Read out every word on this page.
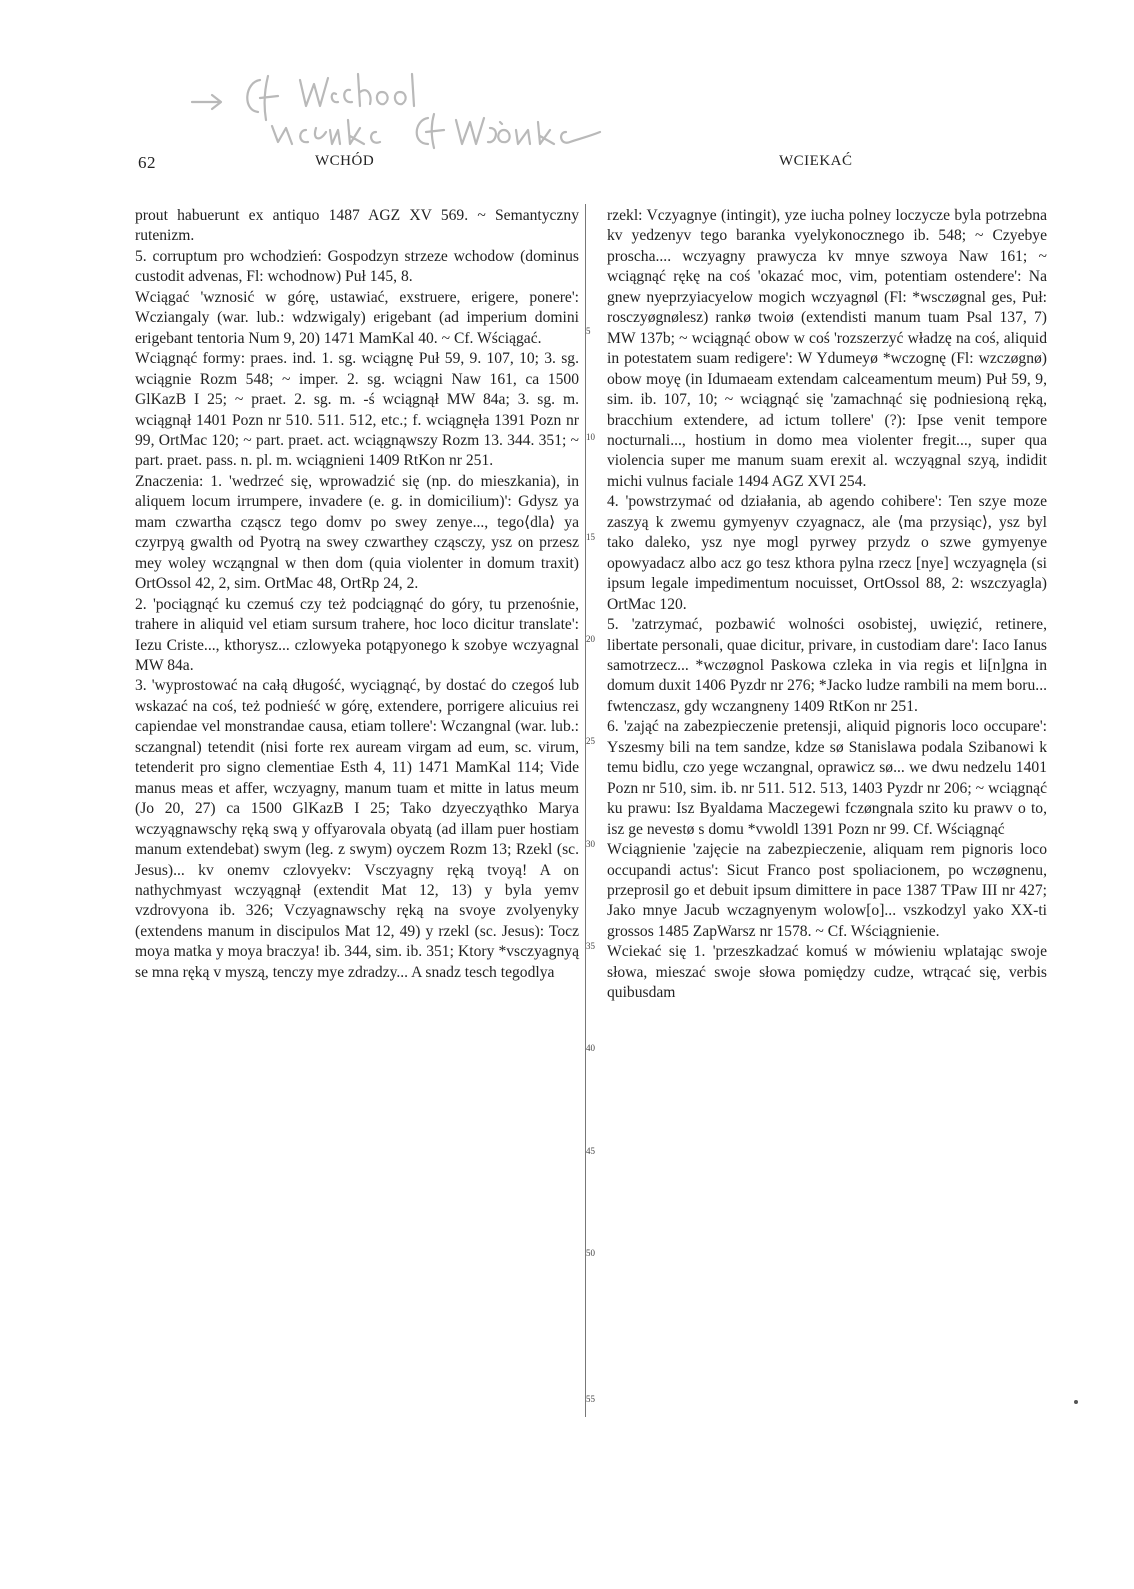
62	WCHÓD	WCIEKAĆ

prout habuerunt ex antiquo 1487 AGZ XV 569. ~ Semantyczny rutenizm.

5. corruptum pro wchodzień: Gospodzyn strzeze wchodow (dominus custodit advenas, Fl: wchodnow) Puł 145, 8.

Wciągać 'wznosić w górę, ustawiać, exstruere, erigere, ponere': Wcziangaly (war. lub.: wdzwigaly) erigebant (ad imperium domini erigebant tentoria Num 9, 20) 1471 MamKal 40. ~ Cf. Wściągać.

Wciągnąć formy: praes. ind. 1. sg. wciągnę Puł 59, 9. 107, 10; 3. sg. wciągnie Rozm 548; ~ imper. 2. sg. wciągni Naw 161, ca 1500 GlKazB I 25; ~ praet. 2. sg. m. -ś wciągnął MW 84a; 3. sg. m. wciągnął 1401 Pozn nr 510. 511. 512, etc.; f. wciągnęła 1391 Pozn nr 99, OrtMac 120; ~ part. praet. act. wciągnąwszy Rozm 13. 344. 351; ~ part. praet. pass. n. pl. m. wciągnieni 1409 RtKon nr 251.

Znaczenia: 1. 'wedrzeć się, wprowadzić się (np. do mieszkania), in aliquem locum irrumpere, invadere (e. g. in domicilium)': Gdysz ya mam czwartha cząscz tego domv po swey zenye..., tego⟨dla⟩ ya czyrpyą gwalth od Pyotrą na swey czwarthey cząsczy, ysz on przesz mey woley wcząngnal w then dom (quia violenter in domum traxit) OrtOssol 42, 2, sim. OrtMac 48, OrtRp 24, 2.

2. 'pociągnąć ku czemuś czy też podciągnąć do góry, tu przenośnie, trahere in aliquid vel etiam sursum trahere, hoc loco dicitur translate': Iezu Criste..., kthorysz... czlowyeka potąpyonego k szobye wczyagnal MW 84a.

3. 'wyprostować na całą długość, wyciągnąć, by dostać do czegoś lub wskazać na coś, też podnieść w górę, extendere, porrigere alicuius rei capiendae vel monstrandae causa, etiam tollere': Wczangnal (war. lub.: sczangnal) tetendit (nisi forte rex auream virgam ad eum, sc. virum, tetenderit pro signo clementiae Esth 4, 11) 1471 MamKal 114; Vide manus meas et affer, wczyagny, manum tuam et mitte in latus meum (Jo 20, 27) ca 1500 GlKazB I 25; Tako dzyeczyąthko Marya wczyągnawschy ręką swą y offyarovala obyatą (ad illam puer hostiam manum extendebat) swym (leg. z swym) oyczem Rozm 13; Rzekl (sc. Jesus)... kv onemv czlovyekv: Vsczyagny ręką tvoyą! A on nathychmyast wczyągnął (extendit Mat 12, 13) y byla yemv vzdrovyona ib. 326; Vczyagnawschy ręką na svoye zvolyenyky (extendens manum in discipulos Mat 12, 49) y rzekl (sc. Jesus): Tocz moya matka y moya braczya! ib. 344, sim. ib. 351; Ktory *vsczyagnyą se mna ręką v myszą, tenczy mye zdradzy... A snadz tesch tegodlya

5
10
15
20
25
30
35
40
45
50
55

rzekl: Vczyagnye (intingit), yze iucha polney loczycze byla potrzebna kv yedzenyv tego baranka vyelykonocznego ib. 548; ~ Czyebye proscha.... wczyagny prawycza kv mnye szwoya Naw 161; ~ wciągnąć rękę na coś 'okazać moc, vim, potentiam ostendere': Na gnew nyeprzyiacyelow mogich wczyagnøl (Fl: *wsczøgnal ges, Puł: rosczyøgnølesz) rankø twoiø (extendisti manum tuam Psal 137, 7) MW 137b; ~ wciągnąć obow w coś 'rozszerzyć władzę na coś, aliquid in potestatem suam redigere': W Ydumeyø *wczognę (Fl: wzczøgnø) obow moyę (in Idumaeam extendam calceamentum meum) Puł 59, 9, sim. ib. 107, 10; ~ wciągnąć się 'zamachnąć się podniesioną ręką, bracchium extendere, ad ictum tollere' (?): Ipse venit tempore nocturnali..., hostium in domo mea violenter fregit..., super qua violencia super me manum suam erexit al. wczyągnal szyą, indidit michi vulnus faciale 1494 AGZ XVI 254.

4. 'powstrzymać od działania, ab agendo cohibere': Ten szye moze zaszyą k zwemu gymyenyv czyagnacz, ale ⟨ma przysiąc⟩, ysz byl tako daleko, ysz nye mogl pyrwey przydz o szwe gymyenye opowyadacz albo acz go tesz kthora pylna rzecz [nye] wczyagnęla (si ipsum legale impedimentum nocuisset, OrtOssol 88, 2: wszczyagla) OrtMac 120.

5. 'zatrzymać, pozbawić wolności osobistej, uwięzić, retinere, libertate personali, quae dicitur, privare, in custodiam dare': Iaco Ianus samotrzecz... *wczøgnol Paskowa czleka in via regis et li[n]gna in domum duxit 1406 Pyzdr nr 276; *Jacko ludze rambili na mem boru... fwtenczasz, gdy wczangneny 1409 RtKon nr 251.

6. 'zająć na zabezpieczenie pretensji, aliquid pignoris loco occupare': Yszesmy bili na tem sandze, kdze sø Stanislawa podala Szibanowi k temu bidlu, czo yege wczangnal, oprawicz sø... we dwu nedzelu 1401 Pozn nr 510, sim. ib. nr 511. 512. 513, 1403 Pyzdr nr 206; ~ wciągnąć ku prawu: Isz Byaldama Maczegewi fczøngnala szito ku prawv o to, isz ge nevestø s domu *vwoldl 1391 Pozn nr 99. Cf. Wściągnąć

Wciągnienie 'zajęcie na zabezpieczenie, aliquam rem pignoris loco occupandi actus': Sicut Franco post spoliacionem, po wczøgnenu, przeprosil go et debuit ipsum dimittere in pace 1387 TPaw III nr 427; Jako mnye Jacub wczagnyenym wolow[o]... vszkodzyl yako XX-ti grossos 1485 ZapWarsz nr 1578. ~ Cf. Wściągnienie.

Wciekać się 1. 'przeszkadzać komuś w mówieniu wplatając swoje słowa, mieszać swoje słowa pomiędzy cudze, wtrącać się, verbis quibusdam
